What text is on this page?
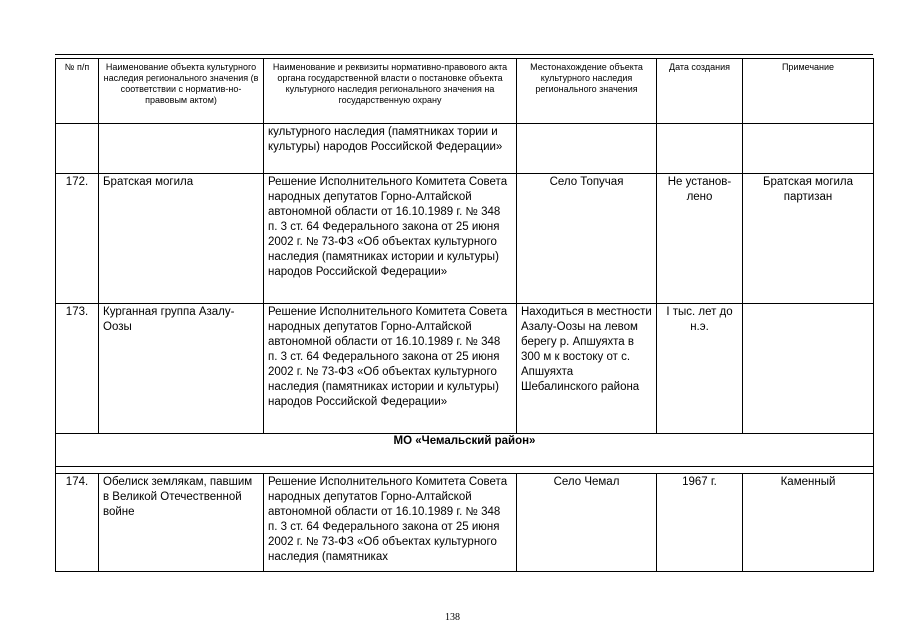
№ п/п	Наименование объекта культурного наследия регионального значения (в соответствии с норматив-но-правовым актом)	Наименование и реквизиты нормативно-правового акта органа государственной власти о постановке объекта культурного наследия регионального значения на государственную охрану	Местонахождение объекта культурного наследия регионального значения	Дата создания	Примечание
		культурного наследия (памятниках тории и культуры) народов Российской Федерации»			
172.	Братская могила	Решение Исполнительного Комитета Совета народных депутатов Горно-Алтайской автономной области от 16.10.1989 г. № 348 п. 3 ст. 64 Федерального закона от 25 июня 2002 г. № 73-ФЗ «Об объектах культурного наследия (памятниках истории и культуры) народов Российской Федерации»	Село Топучая	Не установ-лено	Братская могила партизан
173.	Курганная группа Азалу-Оозы	Решение Исполнительного Комитета Совета народных депутатов Горно-Алтайской автономной области от 16.10.1989 г. № 348 п. 3 ст. 64 Федерального закона от 25 июня 2002 г. № 73-ФЗ «Об объектах культурного наследия (памятниках истории и культуры) народов Российской Федерации»	Находиться в местности Азалу-Оозы на левом берегу р. Апшуяхта в 300 м к востоку от с. Апшуяхта Шебалинского района	I тыс. лет до н.э.	
МО «Чемальский район»					

174.	Обелиск землякам, павшим в Великой Отечественной войне	Решение Исполнительного Комитета Совета народных депутатов Горно-Алтайской автономной области от 16.10.1989 г. № 348 п. 3 ст. 64 Федерального закона от 25 июня 2002 г. № 73-ФЗ «Об объектах культурного наследия (памятниках	Село Чемал	1967 г.	Каменный
138
